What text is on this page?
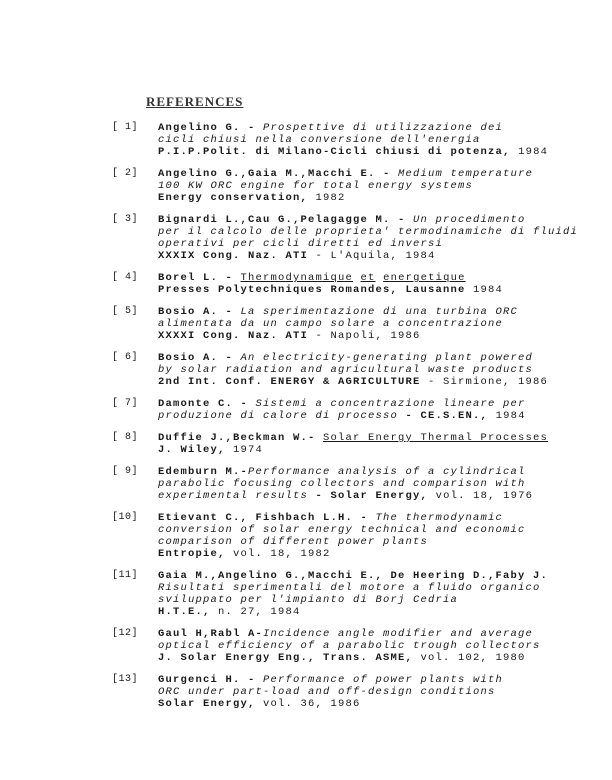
REFERENCES
[ 1] Angelino G. - Prospettive di utilizzazione dei
cicli chiusi nella conversione dell'energia
P.I.P.Polit. di Milano-Cicli chiusi di potenza, 1984
[ 2] Angelino G.,Gaia M.,Macchi E. - Medium temperature
100 KW ORC engine for total energy systems
Energy conservation, 1982
[ 3] Bignardi L.,Cau G.,Pelagagge M. - Un procedimento
per il calcolo delle proprieta' termodinamiche di fluidi
operativi per cicli diretti ed inversi
XXXIX Cong. Naz. ATI - L'Aquila, 1984
[ 4] Borel L. - Thermodynamique et energetique
Presses Polytechniques Romandes, Lausanne 1984
[ 5] Bosio A. - La sperimentazione di una turbina ORC
alimentata da un campo solare a concentrazione
XXXXI Cong. Naz. ATI - Napoli, 1986
[ 6] Bosio A. - An electricity-generating plant powered
by solar radiation and agricultural waste products
2nd Int. Conf. ENERGY & AGRICULTURE - Sirmione, 1986
[ 7] Damonte C. - Sistemi a concentrazione lineare per
produzione di calore di processo - CE.S.EN., 1984
[ 8] Duffie J.,Beckman W.- Solar Energy Thermal Processes
J. Wiley, 1974
[ 9] Edemburn M.-Performance analysis of a cylindrical
parabolic focusing collectors and comparison with
experimental results - Solar Energy, vol. 18, 1976
[10] Etievant C., Fishbach L.H. - The thermodynamic
conversion of solar energy technical and economic
comparison of different power plants
Entropie, vol. 18, 1982
[11] Gaia M.,Angelino G.,Macchi E., De Heering D.,Faby J.
Risultati sperimentali del motore a fluido organico
sviluppato per l'impianto di Borj Cedria
H.T.E., n. 27, 1984
[12] Gaul H,Rabl A-Incidence angle modifier and average
optical efficiency of a parabolic trough collectors
J. Solar Energy Eng., Trans. ASME, vol. 102, 1980
[13] Gurgenci H. - Performance of power plants with
ORC under part-load and off-design conditions
Solar Energy, vol. 36, 1986
